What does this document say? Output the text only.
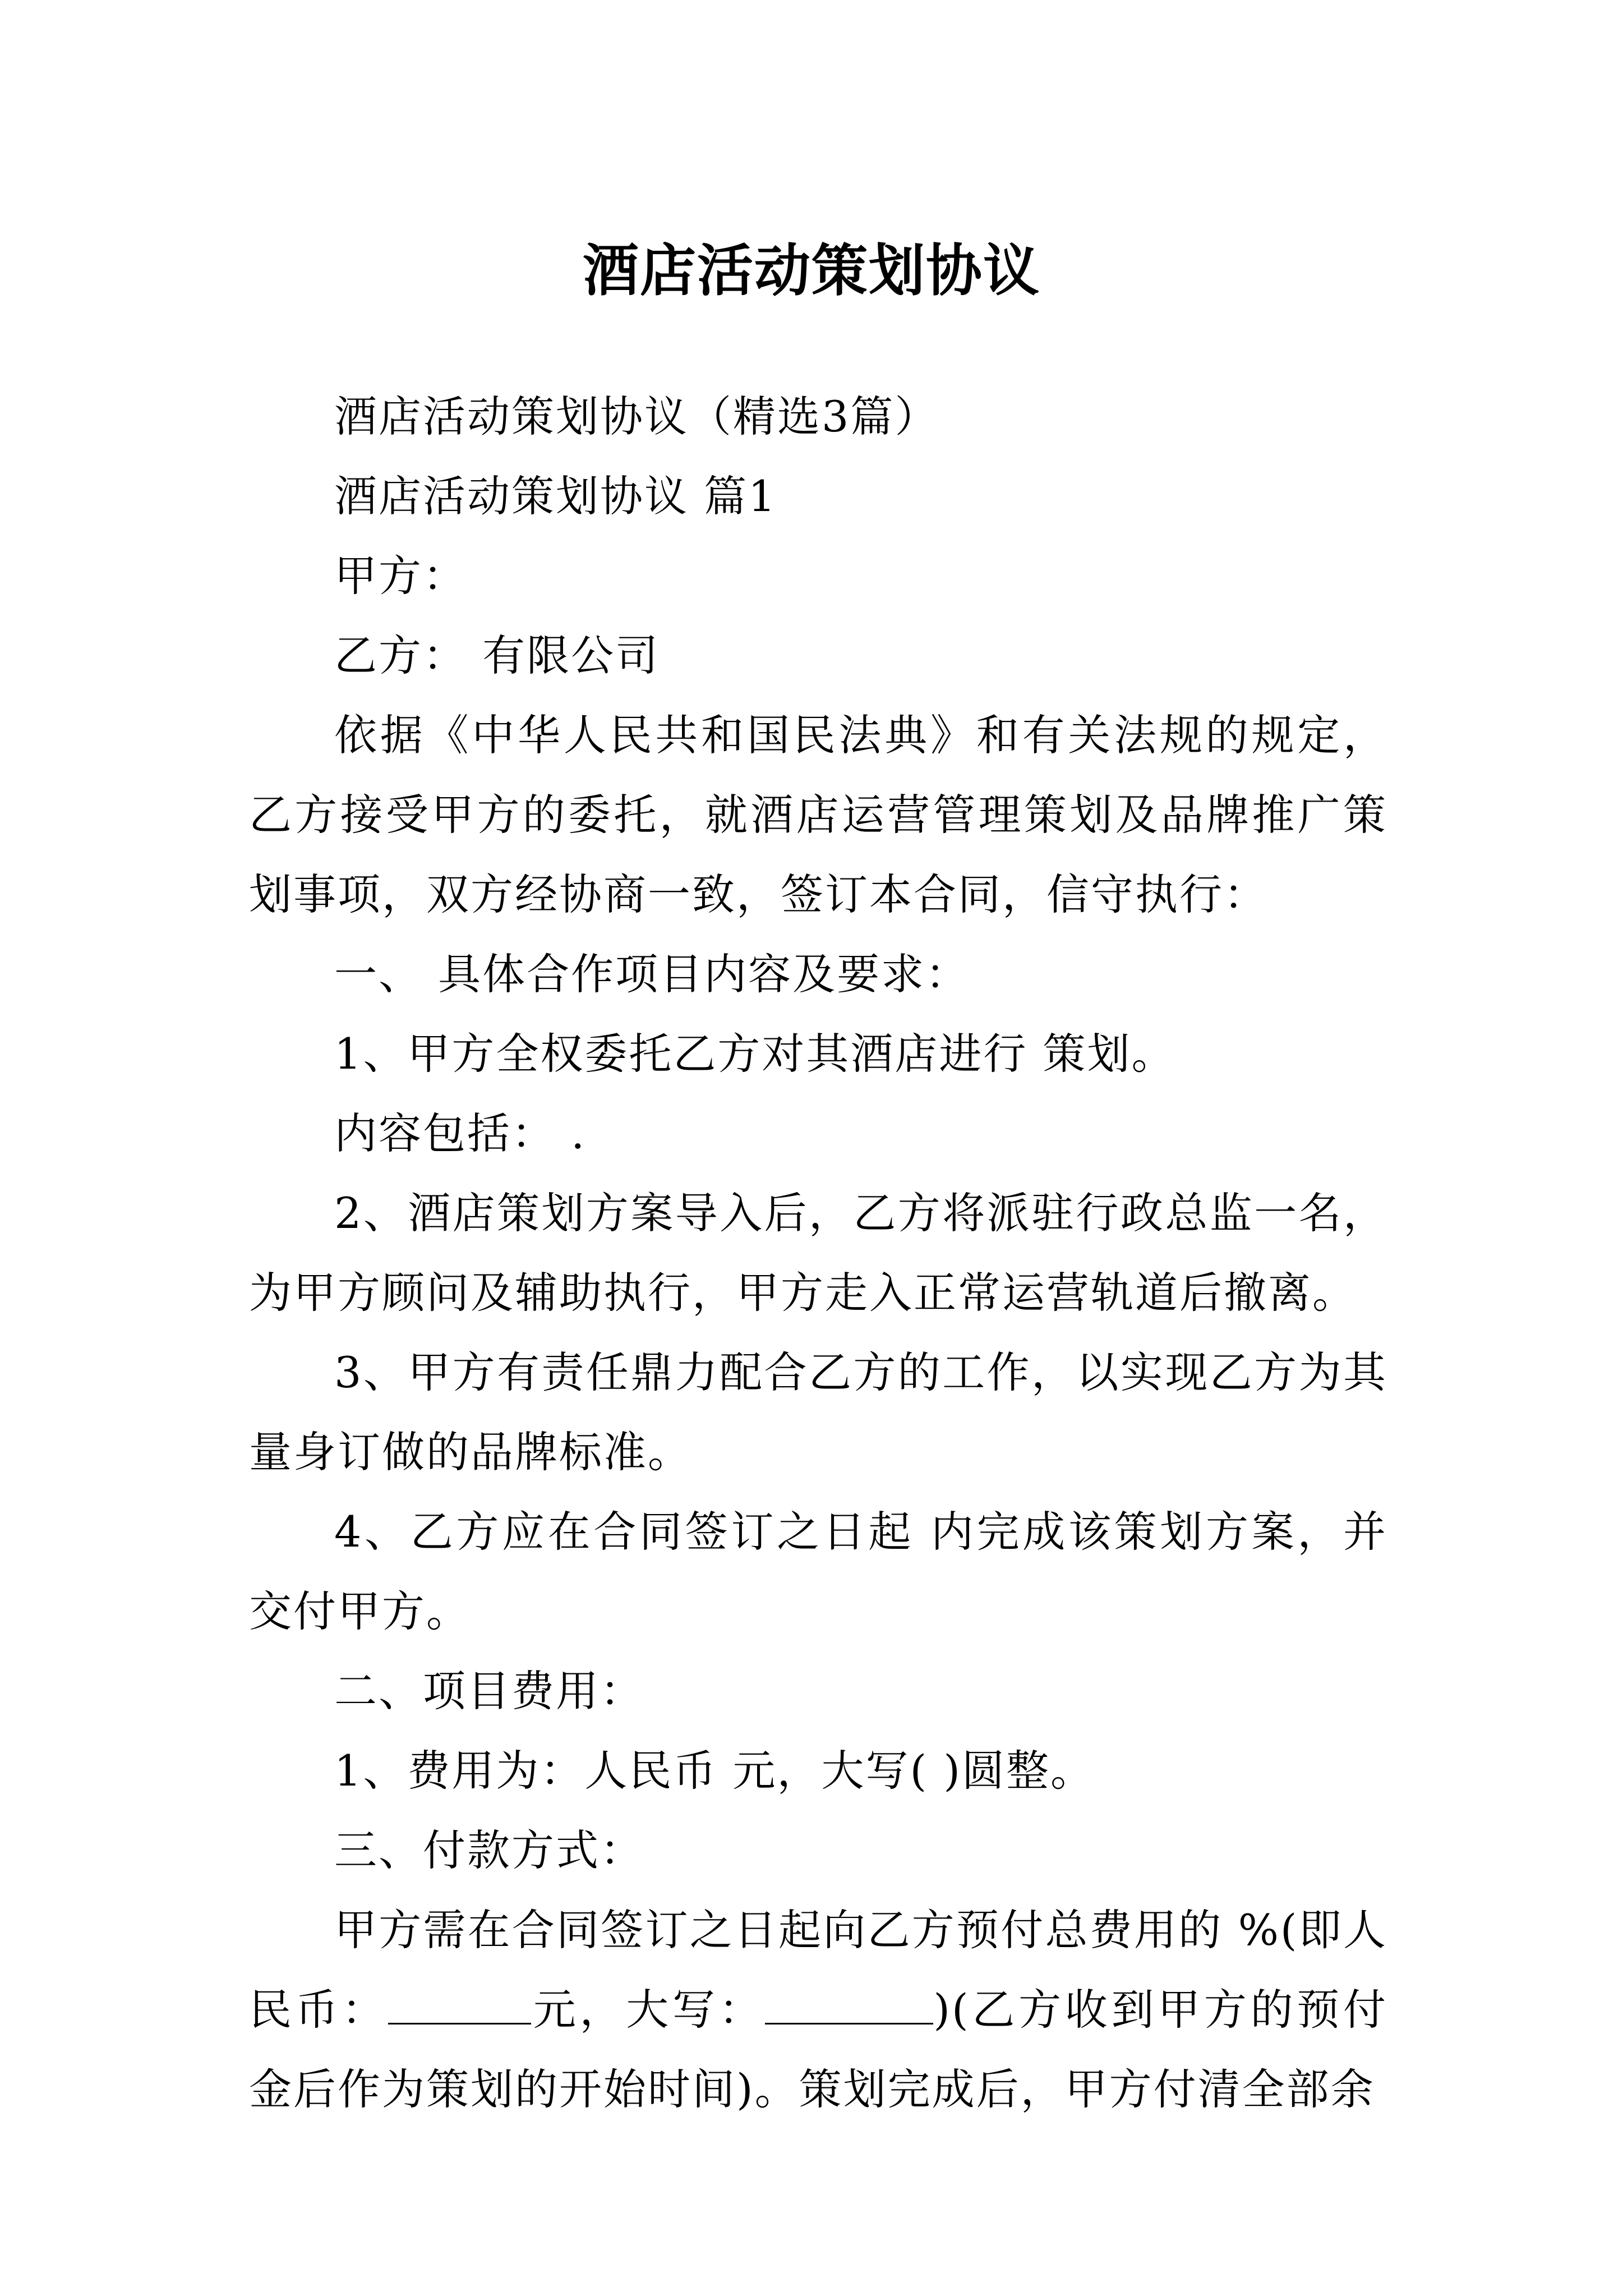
酒店活动策划协议

酒店活动策划协议（精选3篇）

酒店活动策划协议 篇1

甲方：

乙方： 有限公司

依据《中华人民共和国民法典》和有关法规的规定，乙方接受甲方的委托，就酒店运营管理策划及品牌推广策划事项，双方经协商一致，签订本合同，信守执行：

一、 具体合作项目内容及要求：

1、甲方全权委托乙方对其酒店进行 策划。

内容包括： .

2、酒店策划方案导入后，乙方将派驻行政总监一名，为甲方顾问及辅助执行，甲方走入正常运营轨道后撤离。

3、甲方有责任鼎力配合乙方的工作，以实现乙方为其量身订做的品牌标准。

4、乙方应在合同签订之日起 内完成该策划方案，并交付甲方。

二、项目费用：

1、费用为：人民币 元，大写( )圆整。

三、付款方式：

甲方需在合同签订之日起向乙方预付总费用的 %(即人民币：	元，大写：	)(乙方收到甲方的预付金后作为策划的开始时间)。策划完成后，甲方付清全部余
